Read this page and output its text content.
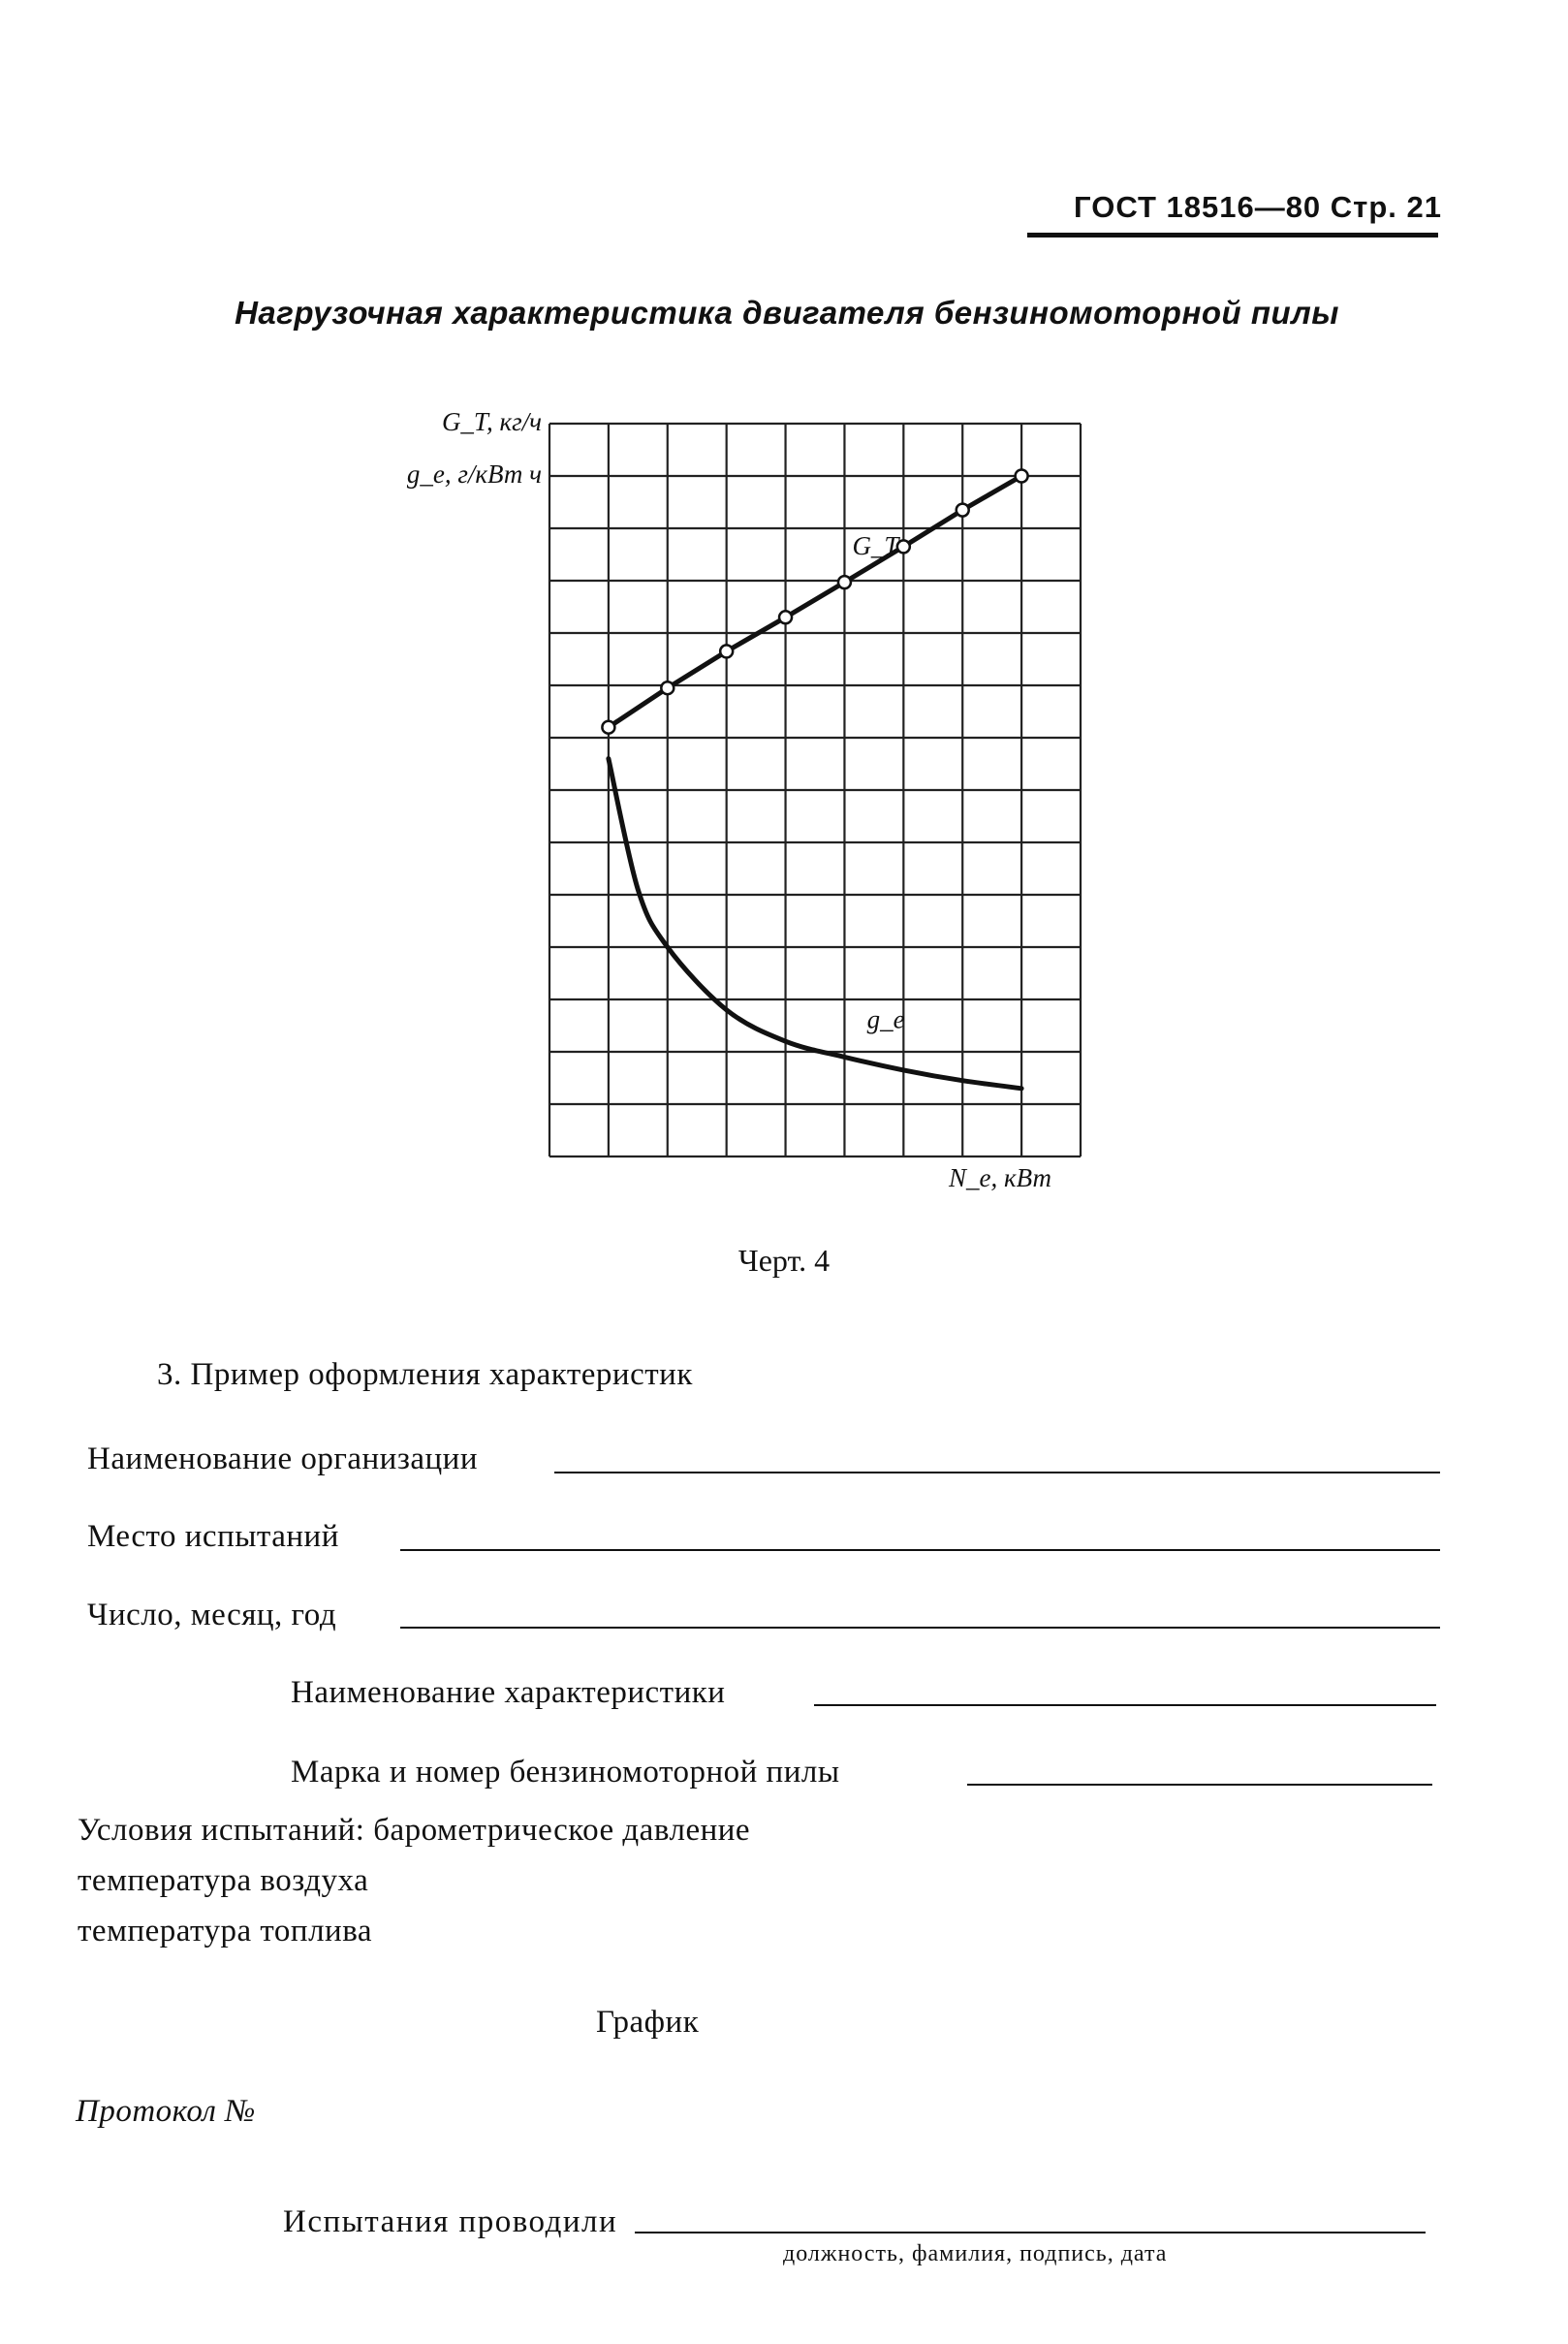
ГОСТ 18516—80 Стр. 21
Нагрузочная характеристика двигателя бензиномоторной пилы
G_T
g_e
G_T, кг/ч
g_e, г/кВт ч
N_e, кВт
Черт. 4
3. Пример оформления характеристик
Наименование организации
Место испытаний
Число, месяц, год
Наименование характеристики
Марка и номер бензиномоторной пилы
Условия испытаний: барометрическое давление
температура воздуха
температура топлива
График
Протокол №
Испытания проводили
должность, фамилия, подпись, дата
